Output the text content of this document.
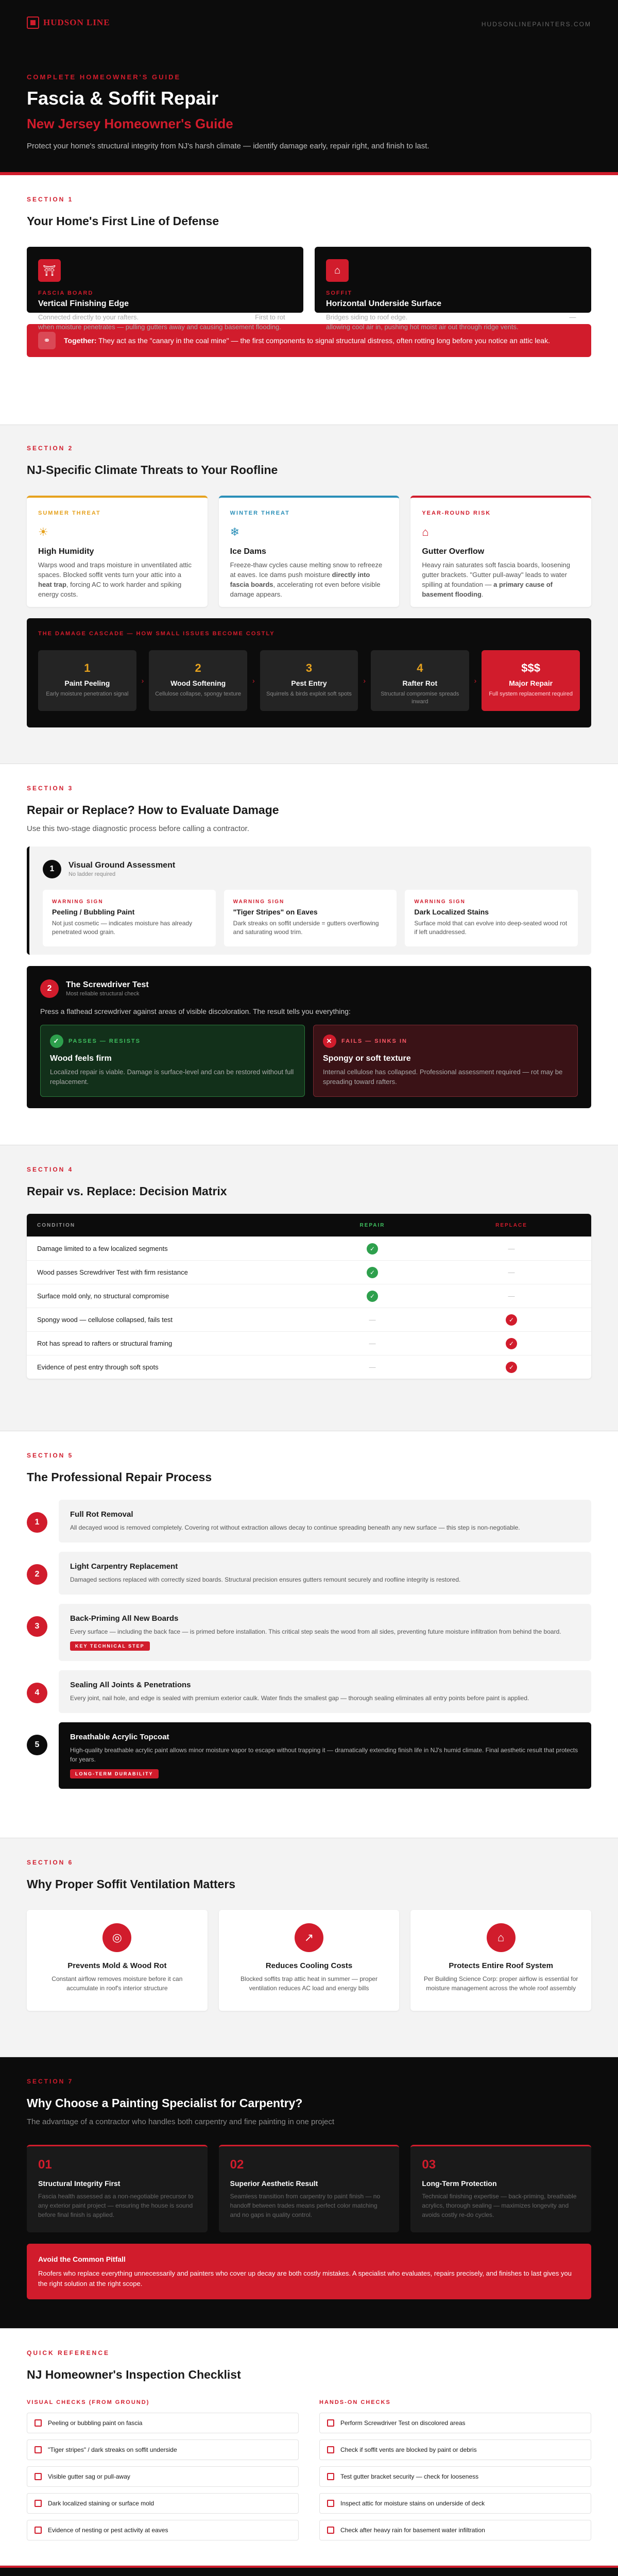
HUDSON LINE	HUDSONLINEPAINTERS.COM
COMPLETE HOMEOWNER'S GUIDE
Fascia & Soffit Repair
New Jersey Homeowner's Guide
Protect your home's structural integrity from NJ's harsh climate — identify damage early, repair right, and finish to last.
SECTION 1
Your Home's First Line of Defense
⛩
FASCIA BOARD
Vertical Finishing Edge
Connected directly to your rafters. Primary mounting point for gutters. First to rot when moisture penetrates — pulling gutters away and causing basement flooding.
⌂
SOFFIT
Horizontal Underside Surface
Bridges siding to roof edge. Contains vents that are the "lungs" of your house — allowing cool air in, pushing hot moist air out through ridge vents.
⚭	Together: They act as the "canary in the coal mine" — the first components to signal structural distress, often rotting long before you notice an attic leak.
SECTION 2
NJ-Specific Climate Threats to Your Roofline
SUMMER THREAT
☀
High Humidity
Warps wood and traps moisture in unventilated attic spaces. Blocked soffit vents turn your attic into a heat trap, forcing AC to work harder and spiking energy costs.
WINTER THREAT
❄
Ice Dams
Freeze-thaw cycles cause melting snow to refreeze at eaves. Ice dams push moisture directly into fascia boards, accelerating rot even before visible damage appears.
YEAR-ROUND RISK
⌂
Gutter Overflow
Heavy rain saturates soft fascia boards, loosening gutter brackets. "Gutter pull-away" leads to water spilling at foundation — a primary cause of basement flooding.
THE DAMAGE CASCADE — HOW SMALL ISSUES BECOME COSTLY
1
Paint Peeling
Early moisture penetration signal
›
2
Wood Softening
Cellulose collapse, spongy texture
›
3
Pest Entry
Squirrels & birds exploit soft spots
›
4
Rafter Rot
Structural compromise spreads inward
›
$$$
Major Repair
Full system replacement required
SECTION 3
Repair or Replace? How to Evaluate Damage
Use this two-stage diagnostic process before calling a contractor.
1	Visual Ground Assessment
No ladder required
WARNING SIGN
Peeling / Bubbling Paint
Not just cosmetic — indicates moisture has already penetrated wood grain.
WARNING SIGN
"Tiger Stripes" on Eaves
Dark streaks on soffit underside = gutters overflowing and saturating wood trim.
WARNING SIGN
Dark Localized Stains
Surface mold that can evolve into deep-seated wood rot if left unaddressed.
2	The Screwdriver Test
Most reliable structural check
Press a flathead screwdriver against areas of visible discoloration. The result tells you everything:
✓	PASSES — RESISTS
Wood feels firm
Localized repair is viable. Damage is surface-level and can be restored without full replacement.
✕	FAILS — SINKS IN
Spongy or soft texture
Internal cellulose has collapsed. Professional assessment required — rot may be spreading toward rafters.
SECTION 4
Repair vs. Replace: Decision Matrix
CONDITION	REPAIR	REPLACE
Damage limited to a few localized segments	✓	—
Wood passes Screwdriver Test with firm resistance	✓	—
Surface mold only, no structural compromise	✓	—
Spongy wood — cellulose collapsed, fails test	—	✓
Rot has spread to rafters or structural framing	—	✓
Evidence of pest entry through soft spots	—	✓
SECTION 5
The Professional Repair Process
1
Full Rot Removal
All decayed wood is removed completely. Covering rot without extraction allows decay to continue spreading beneath any new surface — this step is non-negotiable.
2
Light Carpentry Replacement
Damaged sections replaced with correctly sized boards. Structural precision ensures gutters remount securely and roofline integrity is restored.
3
Back-Priming All New Boards
Every surface — including the back face — is primed before installation. This critical step seals the wood from all sides, preventing future moisture infiltration from behind the board.
KEY TECHNICAL STEP
4
Sealing All Joints & Penetrations
Every joint, nail hole, and edge is sealed with premium exterior caulk. Water finds the smallest gap — thorough sealing eliminates all entry points before paint is applied.
5
Breathable Acrylic Topcoat
High-quality breathable acrylic paint allows minor moisture vapor to escape without trapping it — dramatically extending finish life in NJ's humid climate. Final aesthetic result that protects for years.
LONG-TERM DURABILITY
SECTION 6
Why Proper Soffit Ventilation Matters
◎
Prevents Mold & Wood Rot
Constant airflow removes moisture before it can accumulate in roof's interior structure
↗
Reduces Cooling Costs
Blocked soffits trap attic heat in summer — proper ventilation reduces AC load and energy bills
⌂
Protects Entire Roof System
Per Building Science Corp: proper airflow is essential for moisture management across the whole roof assembly
SECTION 7
Why Choose a Painting Specialist for Carpentry?
The advantage of a contractor who handles both carpentry and fine painting in one project
01
Structural Integrity First
Fascia health assessed as a non-negotiable precursor to any exterior paint project — ensuring the house is sound before final finish is applied.
02
Superior Aesthetic Result
Seamless transition from carpentry to paint finish — no handoff between trades means perfect color matching and no gaps in quality control.
03
Long-Term Protection
Technical finishing expertise — back-priming, breathable acrylics, thorough sealing — maximizes longevity and avoids costly re-do cycles.
Avoid the Common Pitfall
Roofers who replace everything unnecessarily and painters who cover up decay are both costly mistakes. A specialist who evaluates, repairs precisely, and finishes to last gives you the right solution at the right scope.
QUICK REFERENCE
NJ Homeowner's Inspection Checklist
VISUAL CHECKS (FROM GROUND)
Peeling or bubbling paint on fascia
"Tiger stripes" / dark streaks on soffit underside
Visible gutter sag or pull-away
Dark localized staining or surface mold
Evidence of nesting or pest activity at eaves
HANDS-ON CHECKS
Perform Screwdriver Test on discolored areas
Check if soffit vents are blocked by paint or debris
Test gutter bracket security — check for looseness
Inspect attic for moisture stains on underside of deck
Check after heavy rain for basement water infiltration
